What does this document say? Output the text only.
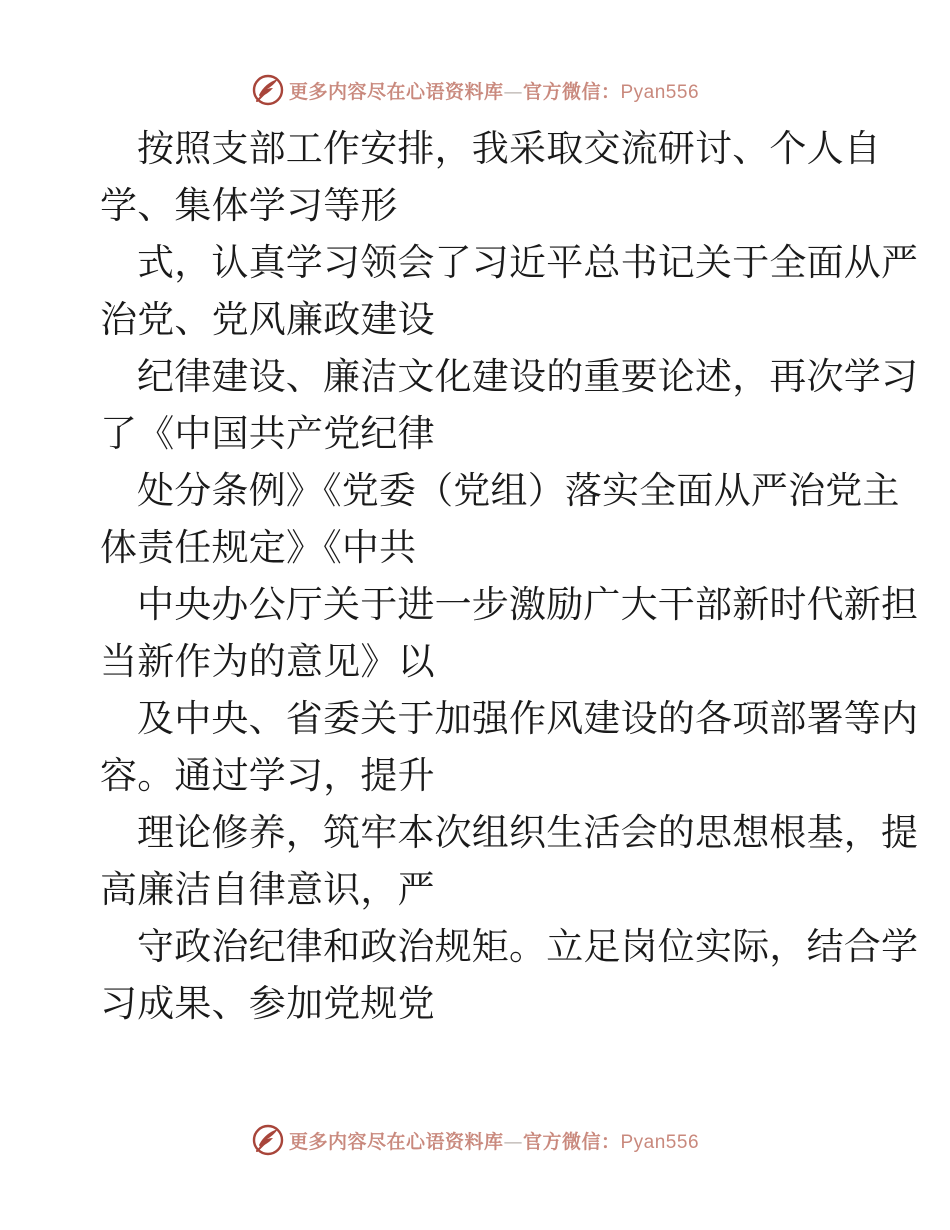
更多内容尽在心语资料库—官方微信：Pyan556
按照支部工作安排，我采取交流研讨、个人自
学、集体学习等形
式，认真学习领会了习近平总书记关于全面从严
治党、党风廉政建设
纪律建设、廉洁文化建设的重要论述，再次学习
了《中国共产党纪律
处分条例》《党委（党组）落实全面从严治党主
体责任规定》《中共
中央办公厅关于进一步激励广大干部新时代新担
当新作为的意见》以
及中央、省委关于加强作风建设的各项部署等内
容。通过学习，提升
理论修养，筑牢本次组织生活会的思想根基，提
高廉洁自律意识，严
守政治纪律和政治规矩。立足岗位实际，结合学
习成果、参加党规党
更多内容尽在心语资料库—官方微信：Pyan556
